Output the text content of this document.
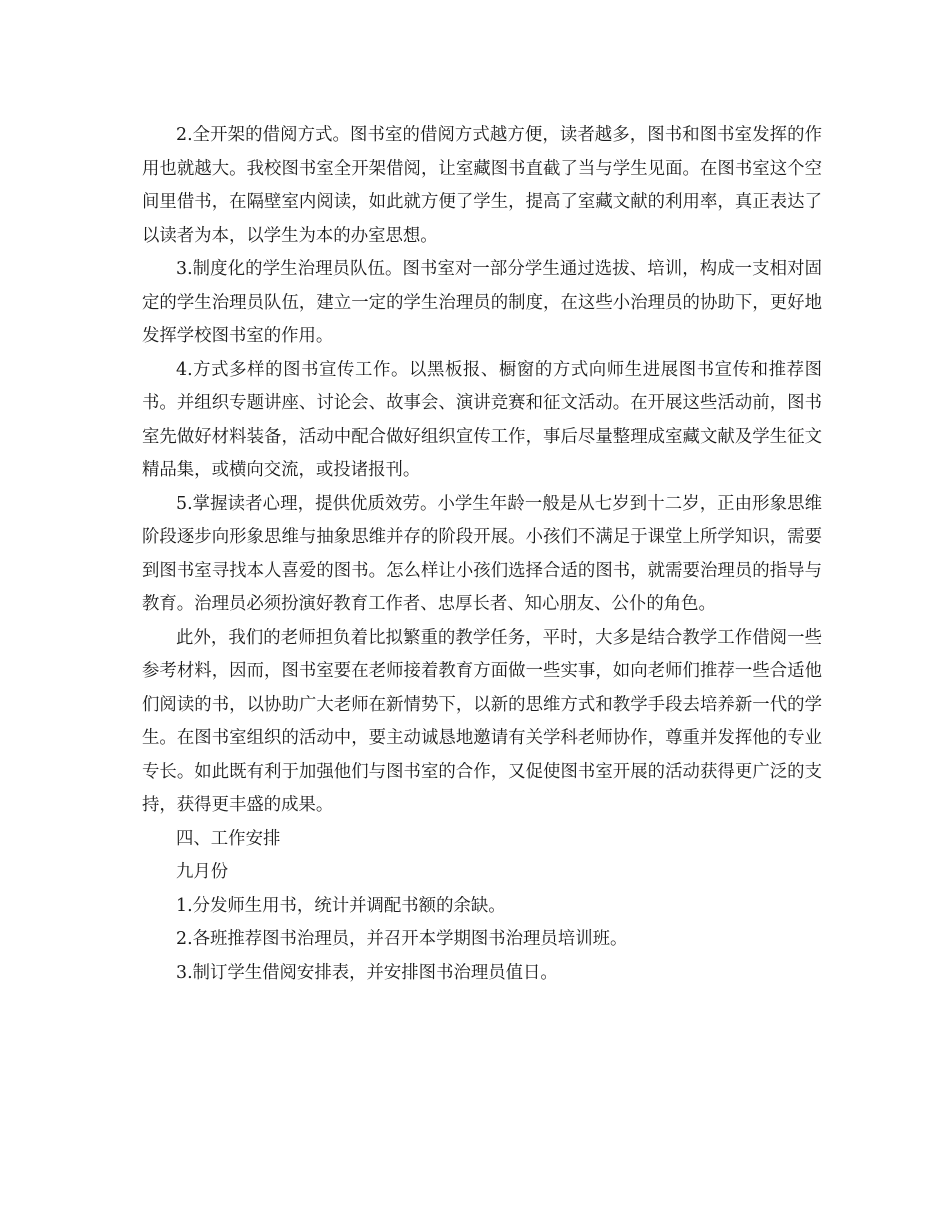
2.全开架的借阅方式。图书室的借阅方式越方便，读者越多，图书和图书室发挥的作用也就越大。我校图书室全开架借阅，让室藏图书直截了当与学生见面。在图书室这个空间里借书，在隔壁室内阅读，如此就方便了学生，提高了室藏文献的利用率，真正表达了以读者为本，以学生为本的办室思想。

3.制度化的学生治理员队伍。图书室对一部分学生通过选拔、培训，构成一支相对固定的学生治理员队伍，建立一定的学生治理员的制度，在这些小治理员的协助下，更好地发挥学校图书室的作用。

4.方式多样的图书宣传工作。以黑板报、橱窗的方式向师生进展图书宣传和推荐图书。并组织专题讲座、讨论会、故事会、演讲竞赛和征文活动。在开展这些活动前，图书室先做好材料装备，活动中配合做好组织宣传工作，事后尽量整理成室藏文献及学生征文精品集，或横向交流，或投诸报刊。

5.掌握读者心理，提供优质效劳。小学生年龄一般是从七岁到十二岁，正由形象思维阶段逐步向形象思维与抽象思维并存的阶段开展。小孩们不满足于课堂上所学知识，需要到图书室寻找本人喜爱的图书。怎么样让小孩们选择合适的图书，就需要治理员的指导与教育。治理员必须扮演好教育工作者、忠厚长者、知心朋友、公仆的角色。

此外，我们的老师担负着比拟繁重的教学任务，平时，大多是结合教学工作借阅一些参考材料，因而，图书室要在老师接着教育方面做一些实事，如向老师们推荐一些合适他们阅读的书，以协助广大老师在新情势下，以新的思维方式和教学手段去培养新一代的学生。在图书室组织的活动中，要主动诚恳地邀请有关学科老师协作，尊重并发挥他的专业专长。如此既有利于加强他们与图书室的合作，又促使图书室开展的活动获得更广泛的支持，获得更丰盛的成果。

四、工作安排

九月份

1.分发师生用书，统计并调配书额的余缺。

2.各班推荐图书治理员，并召开本学期图书治理员培训班。

3.制订学生借阅安排表，并安排图书治理员值日。
